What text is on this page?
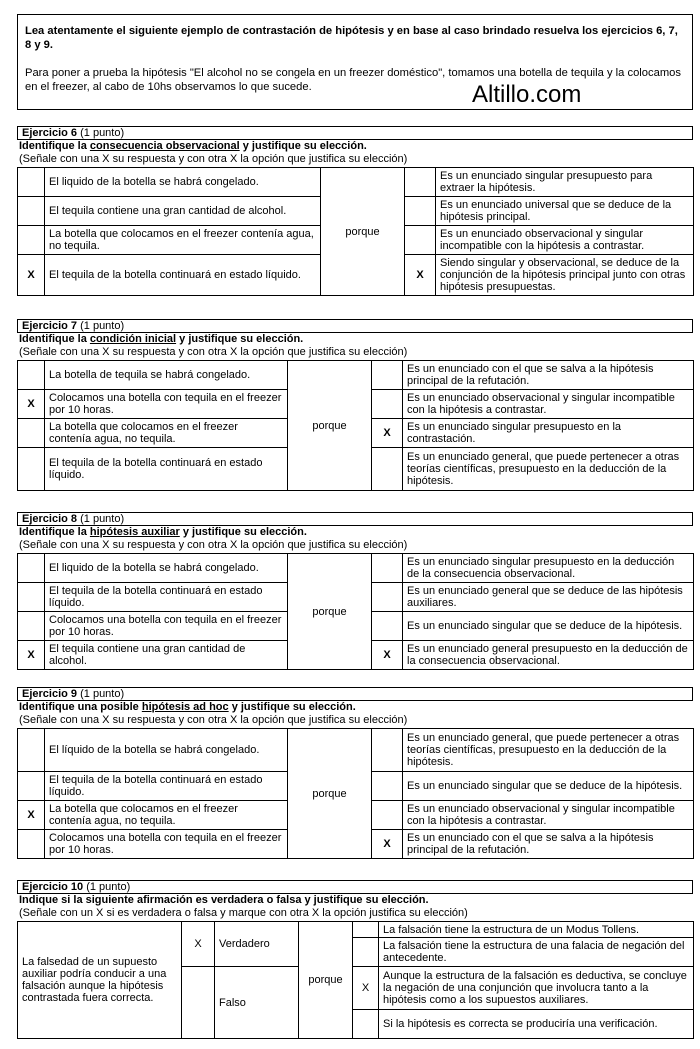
Lea atentamente el siguiente ejemplo de contrastación de hipótesis y en base al caso brindado resuelva los ejercicios 6, 7, 8 y 9.
Para poner a prueba la hipótesis "El alcohol no se congela en un freezer doméstico", tomamos una botella de tequila y la colocamos en el freezer, al cabo de 10hs observamos lo que sucede.	Altillo.com
Ejercicio 6 (1 punto)
Identifique la consecuencia observacional y justifique su elección.
(Señale con una X su respuesta y con otra X la opción que justifica su elección)
	El liquido de la botella se habrá congelado.	porque		Es un enunciado singular presupuesto para extraer la hipótesis.
	El tequila contiene una gran cantidad de alcohol.			Es un enunciado universal que se deduce de la hipótesis principal.
	La botella que colocamos en el freezer contenía agua, no tequila.			Es un enunciado observacional y singular incompatible con la hipótesis a contrastar.
X	El tequila de la botella continuará en estado líquido.		X	Siendo singular y observacional, se deduce de la conjunción de la hipótesis principal junto con otras hipótesis presupuestas.
Ejercicio 7 (1 punto)
Identifique la condición inicial y justifique su elección.
(Señale con una X su respuesta y con otra X la opción que justifica su elección)
	La botella de tequila se habrá congelado.	porque		Es un enunciado con el que se salva a la hipótesis principal de la refutación.
X	Colocamos una botella con tequila en el freezer por 10 horas.			Es un enunciado observacional y singular incompatible con la hipótesis a contrastar.
	La botella que colocamos en el freezer contenía agua, no tequila.		X	Es un enunciado singular presupuesto en la contrastación.
	El tequila de la botella continuará en estado líquido.			Es un enunciado general, que puede pertenecer a otras teorías científicas, presupuesto en la deducción de la hipótesis.
Ejercicio 8 (1 punto)
Identifique la hipótesis auxiliar y justifique su elección.
(Señale con una X su respuesta y con otra X la opción que justifica su elección)
	El liquido de la botella se habrá congelado.	porque		Es un enunciado singular presupuesto en la deducción de la consecuencia observacional.
	El tequila de la botella continuará en estado líquido.			Es un enunciado general que se deduce de las hipótesis auxiliares.
	Colocamos una botella con tequila en el freezer por 10 horas.			Es un enunciado singular que se deduce de la hipótesis.
X	El tequila contiene una gran cantidad de alcohol.		X	Es un enunciado general presupuesto en la deducción de la consecuencia observacional.
Ejercicio 9 (1 punto)
Identifique una posible hipótesis ad hoc y justifique su elección.
(Señale con una X su respuesta y con otra X la opción que justifica su elección)
	El líquido de la botella se habrá congelado.	porque		Es un enunciado general, que puede pertenecer a otras teorías científicas, presupuesto en la deducción de la hipótesis.
	El tequila de la botella continuará en estado líquido.			Es un enunciado singular que se deduce de la hipótesis.
X	La botella que colocamos en el freezer contenía agua, no tequila.			Es un enunciado observacional y singular incompatible con la hipótesis a contrastar.
	Colocamos una botella con tequila en el freezer por 10 horas.		X	Es un enunciado con el que se salva a la hipótesis principal de la refutación.
Ejercicio 10 (1 punto)
Indique si la siguiente afirmación es verdadera o falsa y justifique su elección.
(Señale con un X si es verdadera o falsa y marque con otra X la opción justifica su elección)
La falsedad de un supuesto auxiliar podría conducir a una falsación aunque la hipótesis contrastada fuera correcta.	X	Verdadero	porque		La falsación tiene la estructura de un Modus Tollens.
					La falsación tiene la estructura de una falacia de negación del antecedente.
		Falso		X	Aunque la estructura de la falsación es deductiva, se concluye la negación de una conjunción que involucra tanto a la hipótesis como a los supuestos auxiliares.
					Si la hipótesis es correcta se produciría una verificación.
